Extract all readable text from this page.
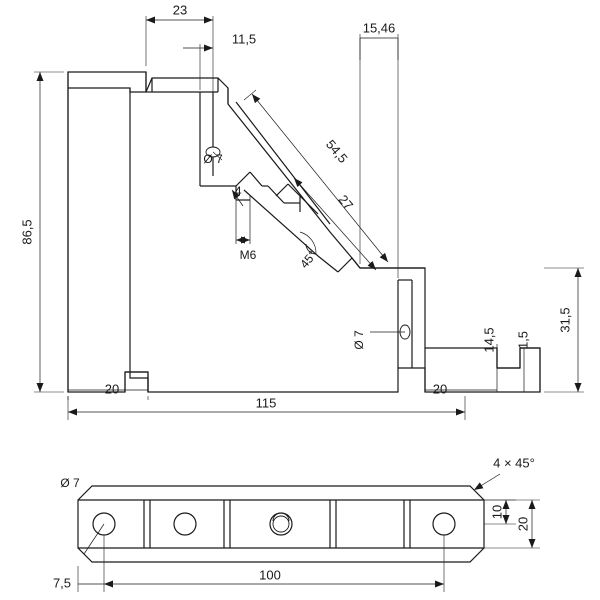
23
11,5
15,46
Ø 7
86,5
54,5
27
4
M6	45°
Ø 7
20	20
115
31,5
14,5 1,5
Ø 7
4 × 45°
10
20
7,5
100
